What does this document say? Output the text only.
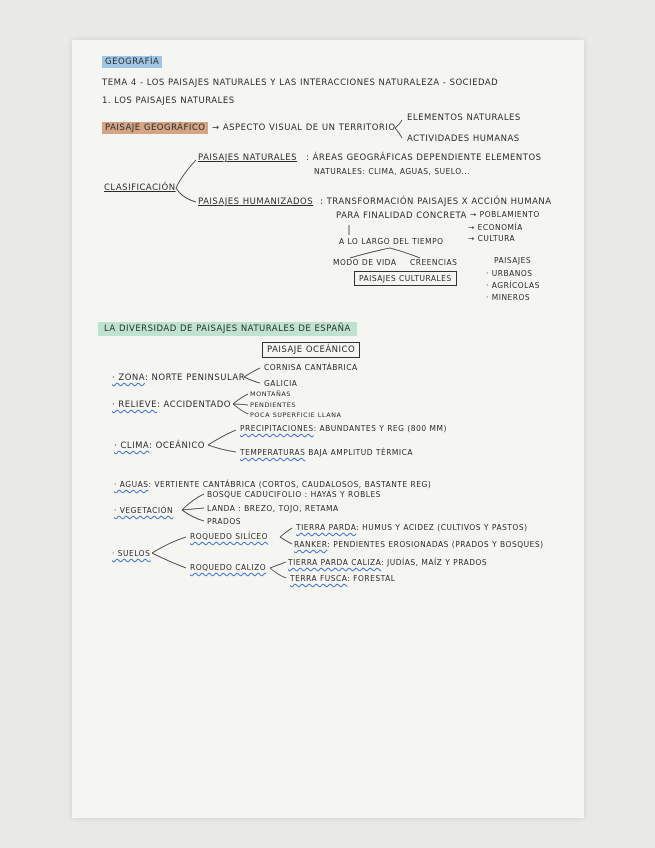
GEOGRAFÍA
TEMA 4 - LOS PAISAJES NATURALES Y LAS INTERACCIONES NATURALEZA - SOCIEDAD
1. LOS PAISAJES NATURALES
PAISAJE GEOGRÁFICO → ASPECTO VISUAL DE UN TERRITORIO
ELEMENTOS NATURALES
ACTIVIDADES HUMANAS
CLASIFICACIÓN
PAISAJES NATURALES : ÁREAS GEOGRÁFICAS DEPENDIENTE ELEMENTOS
NATURALES: CLIMA, AGUAS, SUELO...
PAISAJES HUMANIZADOS : TRANSFORMACIÓN PAISAJES X ACCIÓN HUMANA
PARA FINALIDAD CONCRETA → POBLAMIENTO
→ ECONOMÍA
→ CULTURA
A LO LARGO DEL TIEMPO
MODO DE VIDA CREENCIAS
PAISAJES CULTURALES
PAISAJES
· URBANOS
· AGRÍCOLAS
· MINEROS
LA DIVERSIDAD DE PAISAJES NATURALES DE ESPAÑA
PAISAJE OCEÁNICO
· ZONA: NORTE PENINSULAR
CORNISA CANTÁBRICA
GALICIA
· RELIEVE: ACCIDENTADO
MONTAÑAS
PENDIENTES
POCA SUPERFICIE LLANA
· CLIMA: OCEÁNICO
PRECIPITACIONES: ABUNDANTES Y REG (800 MM)
TEMPERATURAS BAJA AMPLITUD TÉRMICA
· AGUAS: VERTIENTE CANTÁBRICA (CORTOS, CAUDALOSOS, BASTANTE REG)
· VEGETACIÓN
BOSQUE CADUCIFOLIO : HAYAS Y ROBLES
LANDA : BREZO, TOJO, RETAMA
PRADOS
· SUELOS
ROQUEDO SILÍCEO
TIERRA PARDA: HUMUS Y ACIDEZ (CULTIVOS Y PASTOS)
RANKER: PENDIENTES EROSIONADAS (PRADOS Y BOSQUES)
ROQUEDO CALIZO
TIERRA PARDA CALIZA: JUDÍAS, MAÍZ Y PRADOS
TERRA FUSCA: FORESTAL
